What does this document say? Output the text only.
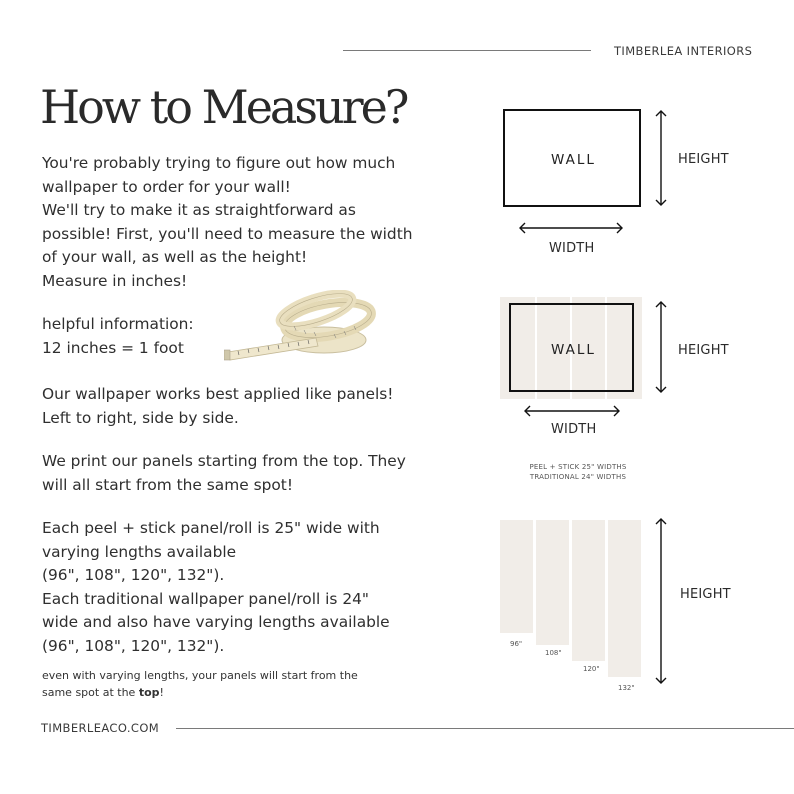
TIMBERLEA INTERIORS
How to Measure?
You're probably trying to figure out how much
wallpaper to order for your wall!
We'll try to make it as straightforward as
possible! First, you'll need to measure the width
of your wall, as well as the height!
Measure in inches!
helpful information:
12 inches = 1 foot
Our wallpaper works best applied like panels!
Left to right, side by side.
We print our panels starting from the top. They
will all start from the same spot!
Each peel + stick panel/roll is 25" wide with
varying lengths available
(96", 108", 120", 132").
Each traditional wallpaper panel/roll is 24"
wide and also have varying lengths available
(96", 108", 120", 132").
even with varying lengths, your panels will start from the
same spot at the top!
TIMBERLEACO.COM
WALL	HEIGHT
WIDTH
WALL	HEIGHT
WIDTH
PEEL + STICK 25" WIDTHS
TRADITIONAL 24" WIDTHS
96"
108"
120"
132"
HEIGHT
